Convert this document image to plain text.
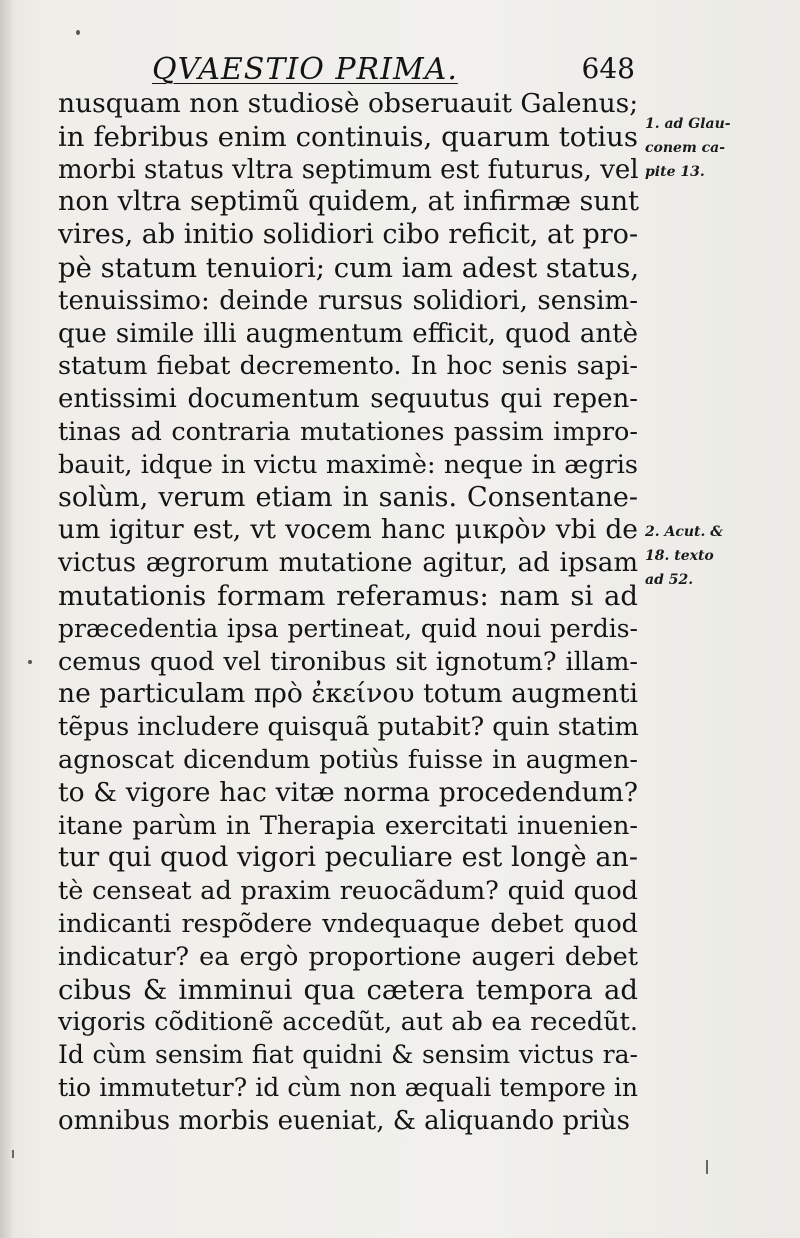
QVAESTIO PRIMA.	648
nusquam non studiosè obseruauit Galenus;
in febribus enim continuis, quarum totius
morbi status vltra septimum est futurus, vel
non vltra septimũ quidem, at infirmæ sunt
vires, ab initio solidiori cibo reficit, at pro-
pè statum tenuiori; cum iam adest status,
tenuissimo: deinde rursus solidiori, sensim-
que simile illi augmentum efficit, quod antè
statum fiebat decremento. In hoc senis sapi-
entissimi documentum sequutus qui repen-
tinas ad contraria mutationes passim impro-
bauit, idque in victu maximè: neque in ægris
solùm, verum etiam in sanis. Consentane-
um igitur est, vt vocem hanc μικρὸν vbi de
victus ægrorum mutatione agitur, ad ipsam
mutationis formam referamus: nam si ad
præcedentia ipsa pertineat, quid noui perdis-
cemus quod vel tironibus sit ignotum? illam-
ne particulam πρὸ ἐκείνου totum augmenti
tẽpus includere quisquã putabit? quin statim
agnoscat dicendum potiùs fuisse in augmen-
to & vigore hac vitæ norma procedendum?
itane parùm in Therapia exercitati inuenien-
tur qui quod vigori peculiare est longè an-
tè censeat ad praxim reuocãdum? quid quod
indicanti respõdere vndequaque debet quod
indicatur? ea ergò proportione augeri debet
cibus & imminui qua cætera tempora ad
vigoris cõditionẽ accedũt, aut ab ea recedũt.
Id cùm sensim fiat quidni & sensim victus ra-
tio immutetur? id cùm non æquali tempore in
omnibus morbis eueniat, & aliquando priùs
1. ad Glau-
conem ca-
pite 13.
2. Acut. &
18. texto
ad 52.
